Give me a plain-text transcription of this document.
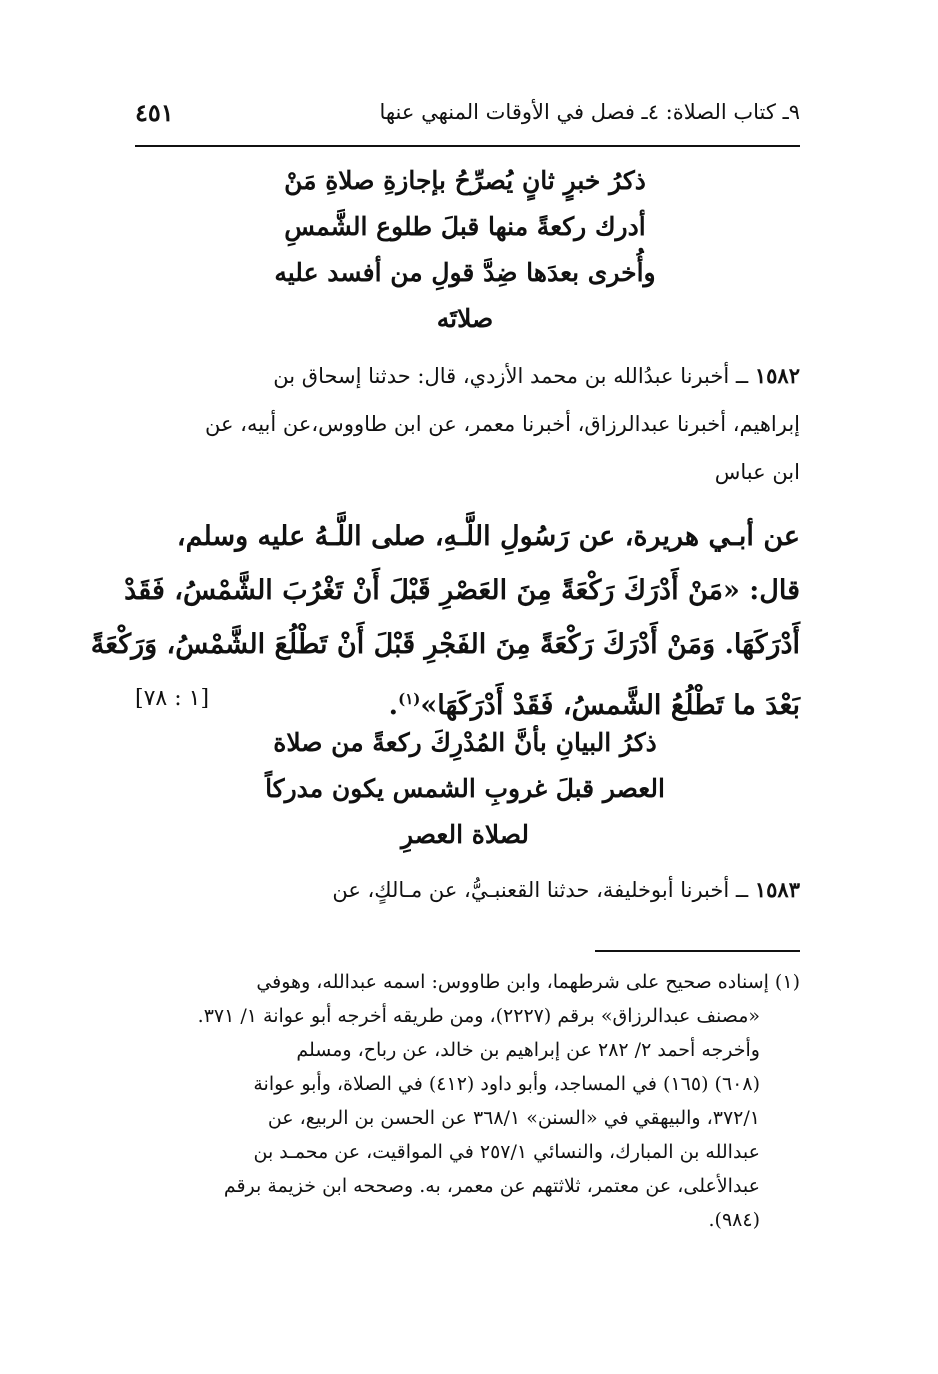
٩ـ كتاب الصلاة: ٤ـ فصل في الأوقات المنهي عنها
٤٥١
ذكرُ خبرٍ ثانٍ يُصرِّحُ بإجازةِ صلاةِ مَنْ
أدرك ركعةً منها قبلَ طلوع الشَّمسِ
وأُخرى بعدَها ضِدَّ قولِ من أفسد عليه
صلاتَه
١٥٨٢ ــ أخبرنا عبدُالله بن محمد الأزدي، قال: حدثنا إسحاق بن
إبراهيم، أخبرنا عبدالرزاق، أخبرنا معمر، عن ابن طاووس،عن أبيه، عن
ابن عباس
عن أبـي هريرة، عن رَسُولِ اللَّـهِ، صلى اللَّـهُ عليه وسلم،
قال: «مَنْ أَدْرَكَ رَكْعَةً مِنَ العَصْرِ قَبْلَ أَنْ تَغْرُبَ الشَّمْسُ، فَقَدْ
أَدْرَكَهَا. وَمَنْ أَدْرَكَ رَكْعَةً مِنَ الفَجْرِ قَبْلَ أَنْ تَطْلُعَ الشَّمْسُ، وَرَكْعَةً
بَعْدَ ما تَطْلُعُ الشَّمسُ، فَقَدْ أَدْرَكَهَا»$^{(١)}$.
[١ : ٧٨]
ذكرُ البيانِ بأنَّ المُدْرِكَ ركعةً من صلاة
العصر قبلَ غروبِ الشمس يكون مدركاً
لصلاة العصرِ
١٥٨٣ ــ أخبرنا أبوخليفة، حدثنا القعنبـيُّ، عن مـالكٍ، عن
(١) إسناده صحيح على شرطهما، وابن طاووس: اسمه عبدالله، وهوفي
«مصنف عبدالرزاق» برقم (٢٢٢٧)، ومن طريقه أخرجه أبو عوانة ١/ ٣٧١.
وأخرجه أحمد ٢/ ٢٨٢ عن إبراهيم بن خالد، عن رباح، ومسلم
(٦٠٨) (١٦٥) في المساجد، وأبو داود (٤١٢) في الصلاة، وأبو عوانة
٣٧٢/١، والبيهقي في «السنن» ٣٦٨/١ عن الحسن بن الربيع، عن
عبدالله بن المبارك، والنسائي ٢٥٧/١ في المواقيت، عن محمـد بن
عبدالأعلى، عن معتمر، ثلاثتهم عن معمر، به. وصححه ابن خزيمة برقم
(٩٨٤).
